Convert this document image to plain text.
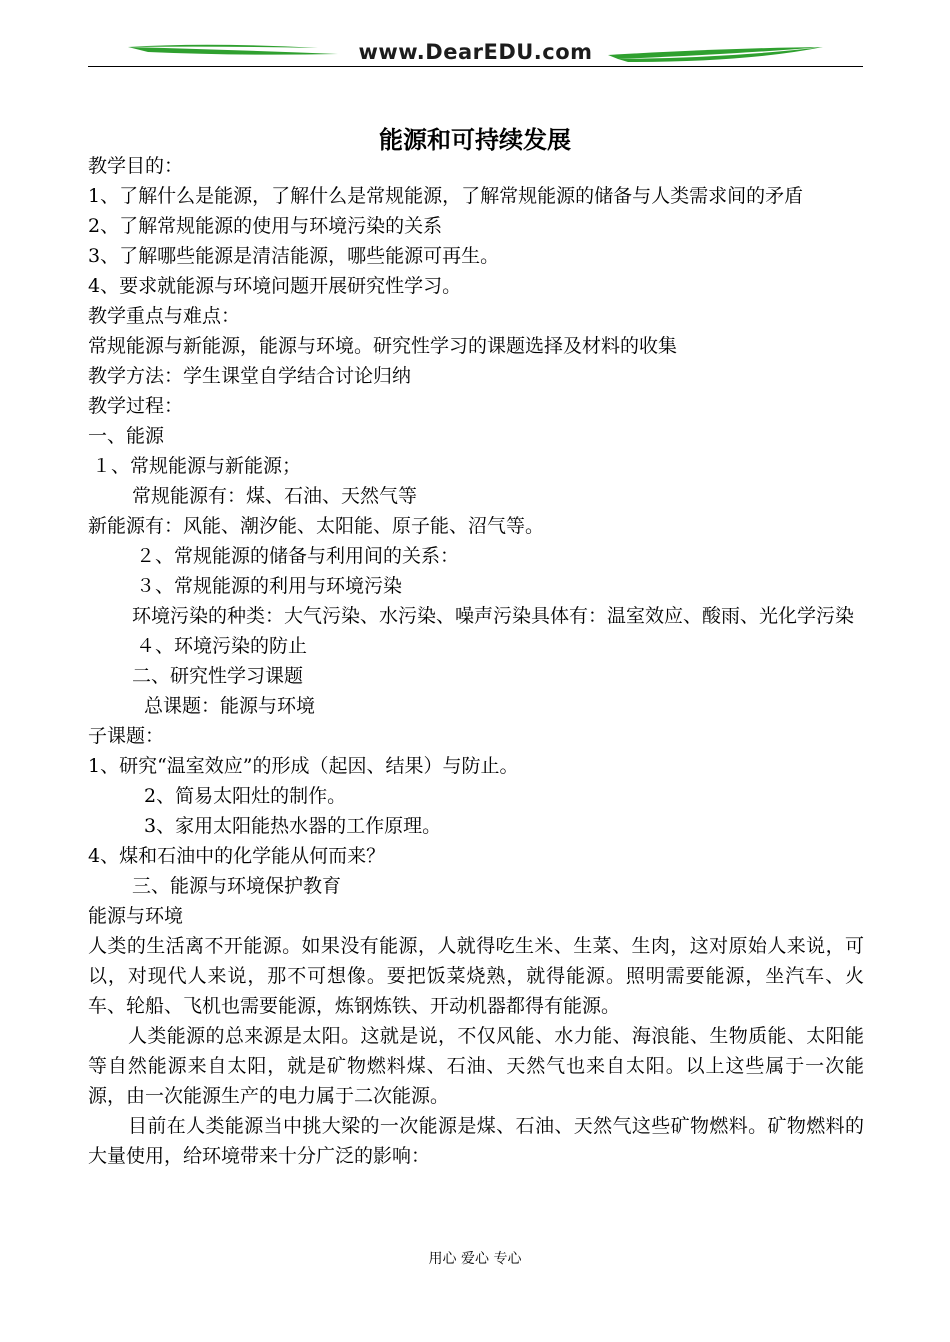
www.DearEDU.com
能源和可持续发展
教学目的：
1、了解什么是能源，了解什么是常规能源，了解常规能源的储备与人类需求间的矛盾
2、了解常规能源的使用与环境污染的关系
3、了解哪些能源是清洁能源，哪些能源可再生。
4、要求就能源与环境问题开展研究性学习。
教学重点与难点：
常规能源与新能源，能源与环境。研究性学习的课题选择及材料的收集
教学方法：学生课堂自学结合讨论归纳
教学过程：
一、能源
１、常规能源与新能源；
常规能源有：煤、石油、天然气等
新能源有：风能、潮汐能、太阳能、原子能、沼气等。
２、常规能源的储备与利用间的关系：
３、常规能源的利用与环境污染
环境污染的种类：大气污染、水污染、噪声污染具体有：温室效应、酸雨、光化学污染
４、环境污染的防止
二、研究性学习课题
总课题：能源与环境
子课题：
1、研究“温室效应”的形成（起因、结果）与防止。
2、简易太阳灶的制作。
3、家用太阳能热水器的工作原理。
4、煤和石油中的化学能从何而来？
三、能源与环境保护教育
能源与环境
人类的生活离不开能源。如果没有能源，人就得吃生米、生菜、生肉，这对原始人来说，可以，对现代人来说，那不可想像。要把饭菜烧熟，就得能源。照明需要能源，坐汽车、火车、轮船、飞机也需要能源，炼钢炼铁、开动机器都得有能源。
人类能源的总来源是太阳。这就是说，不仅风能、水力能、海浪能、生物质能、太阳能等自然能源来自太阳，就是矿物燃料煤、石油、天然气也来自太阳。以上这些属于一次能源，由一次能源生产的电力属于二次能源。
目前在人类能源当中挑大梁的一次能源是煤、石油、天然气这些矿物燃料。矿物燃料的大量使用，给环境带来十分广泛的影响：
用心 爱心 专心
